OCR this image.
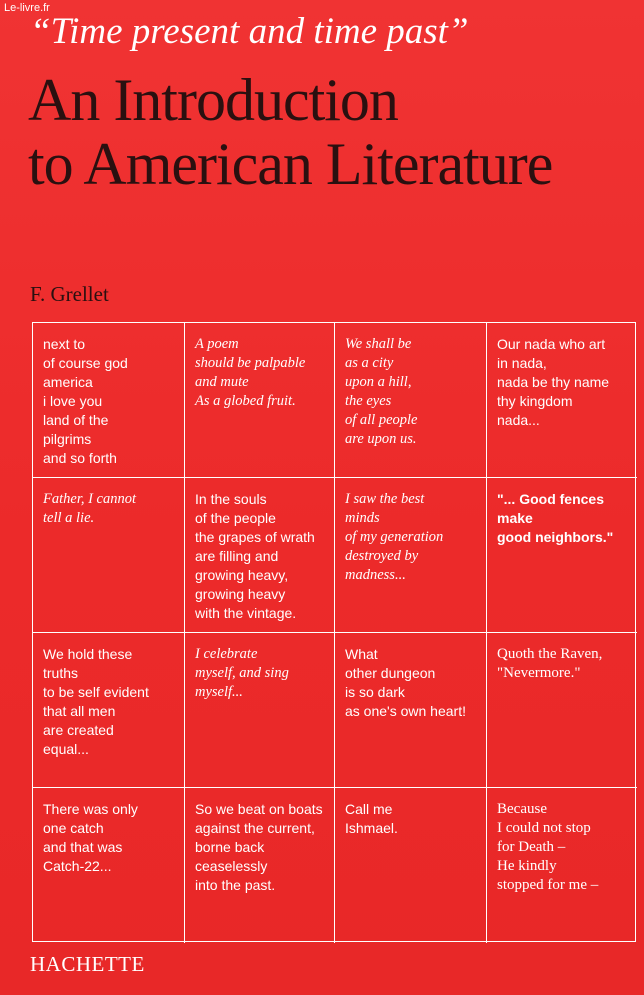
Le-livre.fr
“Time present and time past”
An Introduction
to American Literature
F. Grellet
next to
of course god
america
i love you
land of the
pilgrims
and so forth
A poem
should be palpable
and mute
As a globed fruit.
We shall be
as a city
upon a hill,
the eyes
of all people
are upon us.
Our nada who art
in nada,
nada be thy name
thy kingdom
nada...
Father, I cannot
tell a lie.
In the souls
of the people
the grapes of wrath
are filling and
growing heavy,
growing heavy
with the vintage.
I saw the best
minds
of my generation
destroyed by
madness...
"... Good fences
make
good neighbors."
We hold these
truths
to be self evident
that all men
are created
equal...
I celebrate
myself, and sing
myself...
What
other dungeon
is so dark
as one's own heart!
Quoth the Raven,
"Nevermore."
There was only
one catch
and that was
Catch-22...
So we beat on boats
against the current,
borne back
ceaselessly
into the past.
Call me
Ishmael.
Because
I could not stop
for Death –
He kindly
stopped for me –
HACHETTE
